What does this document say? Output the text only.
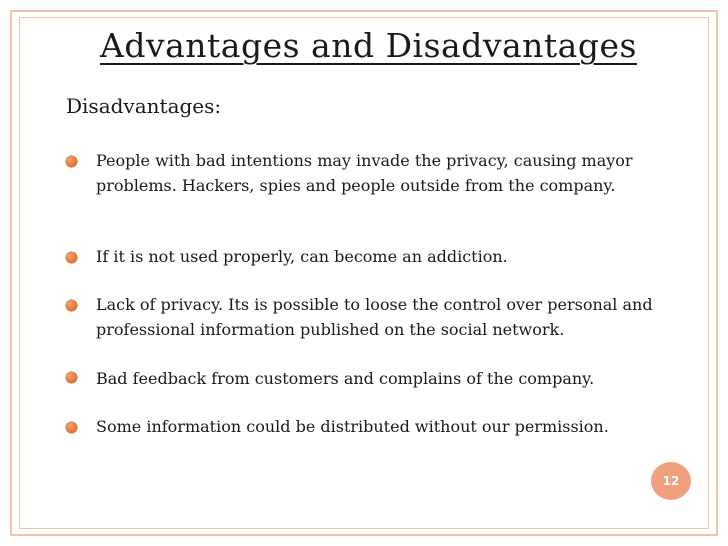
Advantages and Disadvantages
Disadvantages:
People with bad intentions may invade the privacy, causing mayor problems. Hackers, spies and people outside from the company.
If it is not used properly, can become an addiction.
Lack of privacy. Its is possible to loose the control over personal and professional information published on the social network.
Bad feedback from customers and complains of the company.
Some information could be distributed without our permission.
12
